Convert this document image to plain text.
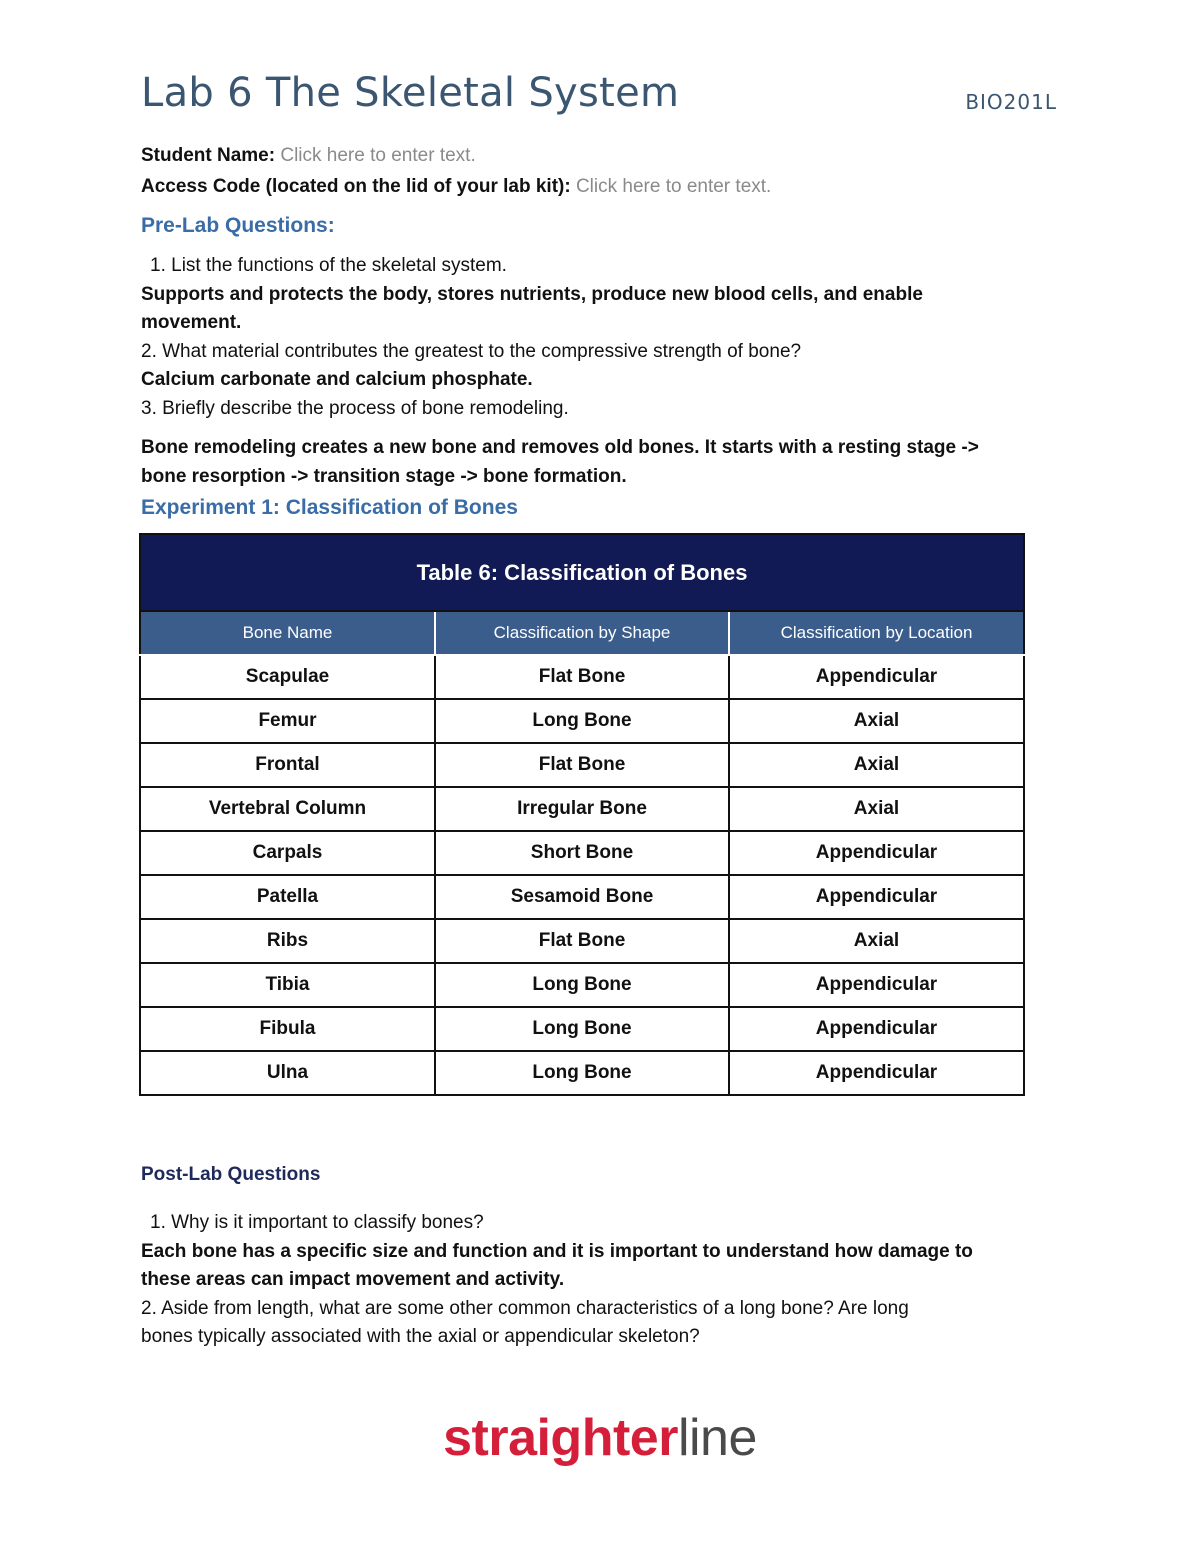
Lab 6 The Skeletal System	BIO201L
Student Name: Click here to enter text.
Access Code (located on the lid of your lab kit): Click here to enter text.
Pre-Lab Questions:
1. List the functions of the skeletal system.
Supports and protects the body, stores nutrients, produce new blood cells, and enable
movement.
2. What material contributes the greatest to the compressive strength of bone?
Calcium carbonate and calcium phosphate.
3. Briefly describe the process of bone remodeling.
Bone remodeling creates a new bone and removes old bones. It starts with a resting stage ->
bone resorption -> transition stage -> bone formation.
Experiment 1: Classification of Bones
Table 6: Classification of Bones		
Bone Name	Classification by Shape	Classification by Location
Scapulae	Flat Bone	Appendicular
Femur	Long Bone	Axial
Frontal	Flat Bone	Axial
Vertebral Column	Irregular Bone	Axial
Carpals	Short Bone	Appendicular
Patella	Sesamoid Bone	Appendicular
Ribs	Flat Bone	Axial
Tibia	Long Bone	Appendicular
Fibula	Long Bone	Appendicular
Ulna	Long Bone	Appendicular
Post-Lab Questions
1. Why is it important to classify bones?
Each bone has a specific size and function and it is important to understand how damage to
these areas can impact movement and activity.
2. Aside from length, what are some other common characteristics of a long bone? Are long
bones typically associated with the axial or appendicular skeleton?
straighterline
